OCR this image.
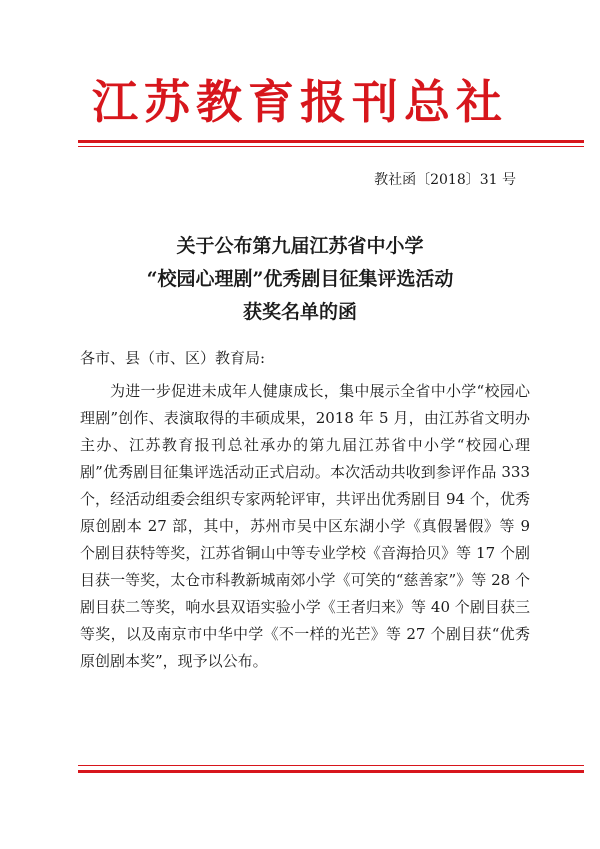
江苏教育报刊总社
教社函〔2018〕31 号
关于公布第九届江苏省中小学
“校园心理剧”优秀剧目征集评选活动
获奖名单的函
各市、县（市、区）教育局:
为进一步促进未成年人健康成长，集中展示全省中小学“校园心理剧”创作、表演取得的丰硕成果，2018 年 5 月，由江苏省文明办主办、江苏教育报刊总社承办的第九届江苏省中小学“校园心理剧”优秀剧目征集评选活动正式启动。本次活动共收到参评作品 333 个，经活动组委会组织专家两轮评审，共评出优秀剧目 94 个，优秀原创剧本 27 部，其中，苏州市吴中区东湖小学《真假暑假》等 9 个剧目获特等奖，江苏省铜山中等专业学校《音海拾贝》等 17 个剧目获一等奖，太仓市科教新城南郊小学《可笑的“慈善家”》等 28 个剧目获二等奖，响水县双语实验小学《王者归来》等 40 个剧目获三等奖，以及南京市中华中学《不一样的光芒》等 27 个剧目获“优秀原创剧本奖”，现予以公布。
